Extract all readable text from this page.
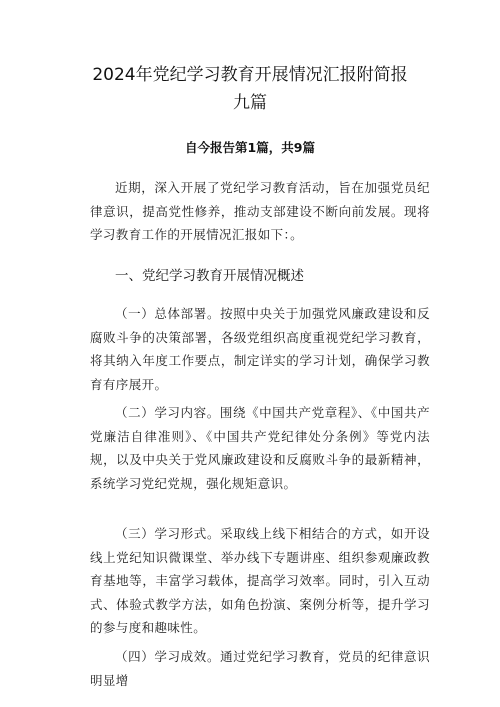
2024年党纪学习教育开展情况汇报附简报
九篇
自今报告第1篇，共9篇

近期，深入开展了党纪学习教育活动，旨在加强党员纪律意识，提高党性修养，推动支部建设不断向前发展。现将学习教育工作的开展情况汇报如下：。

一、党纪学习教育开展情况概述

（一）总体部署。按照中央关于加强党风廉政建设和反腐败斗争的决策部署，各级党组织高度重视党纪学习教育，将其纳入年度工作要点，制定详实的学习计划，确保学习教育有序展开。

（二）学习内容。围绕《中国共产党章程》、《中国共产党廉洁自律准则》、《中国共产党纪律处分条例》等党内法规，以及中央关于党风廉政建设和反腐败斗争的最新精神，系统学习党纪党规，强化规矩意识。

（三）学习形式。采取线上线下相结合的方式，如开设线上党纪知识微课堂、举办线下专题讲座、组织参观廉政教育基地等，丰富学习载体，提高学习效率。同时，引入互动式、体验式教学方法，如角色扮演、案例分析等，提升学习的参与度和趣味性。

（四）学习成效。通过党纪学习教育，党员的纪律意识明显增
